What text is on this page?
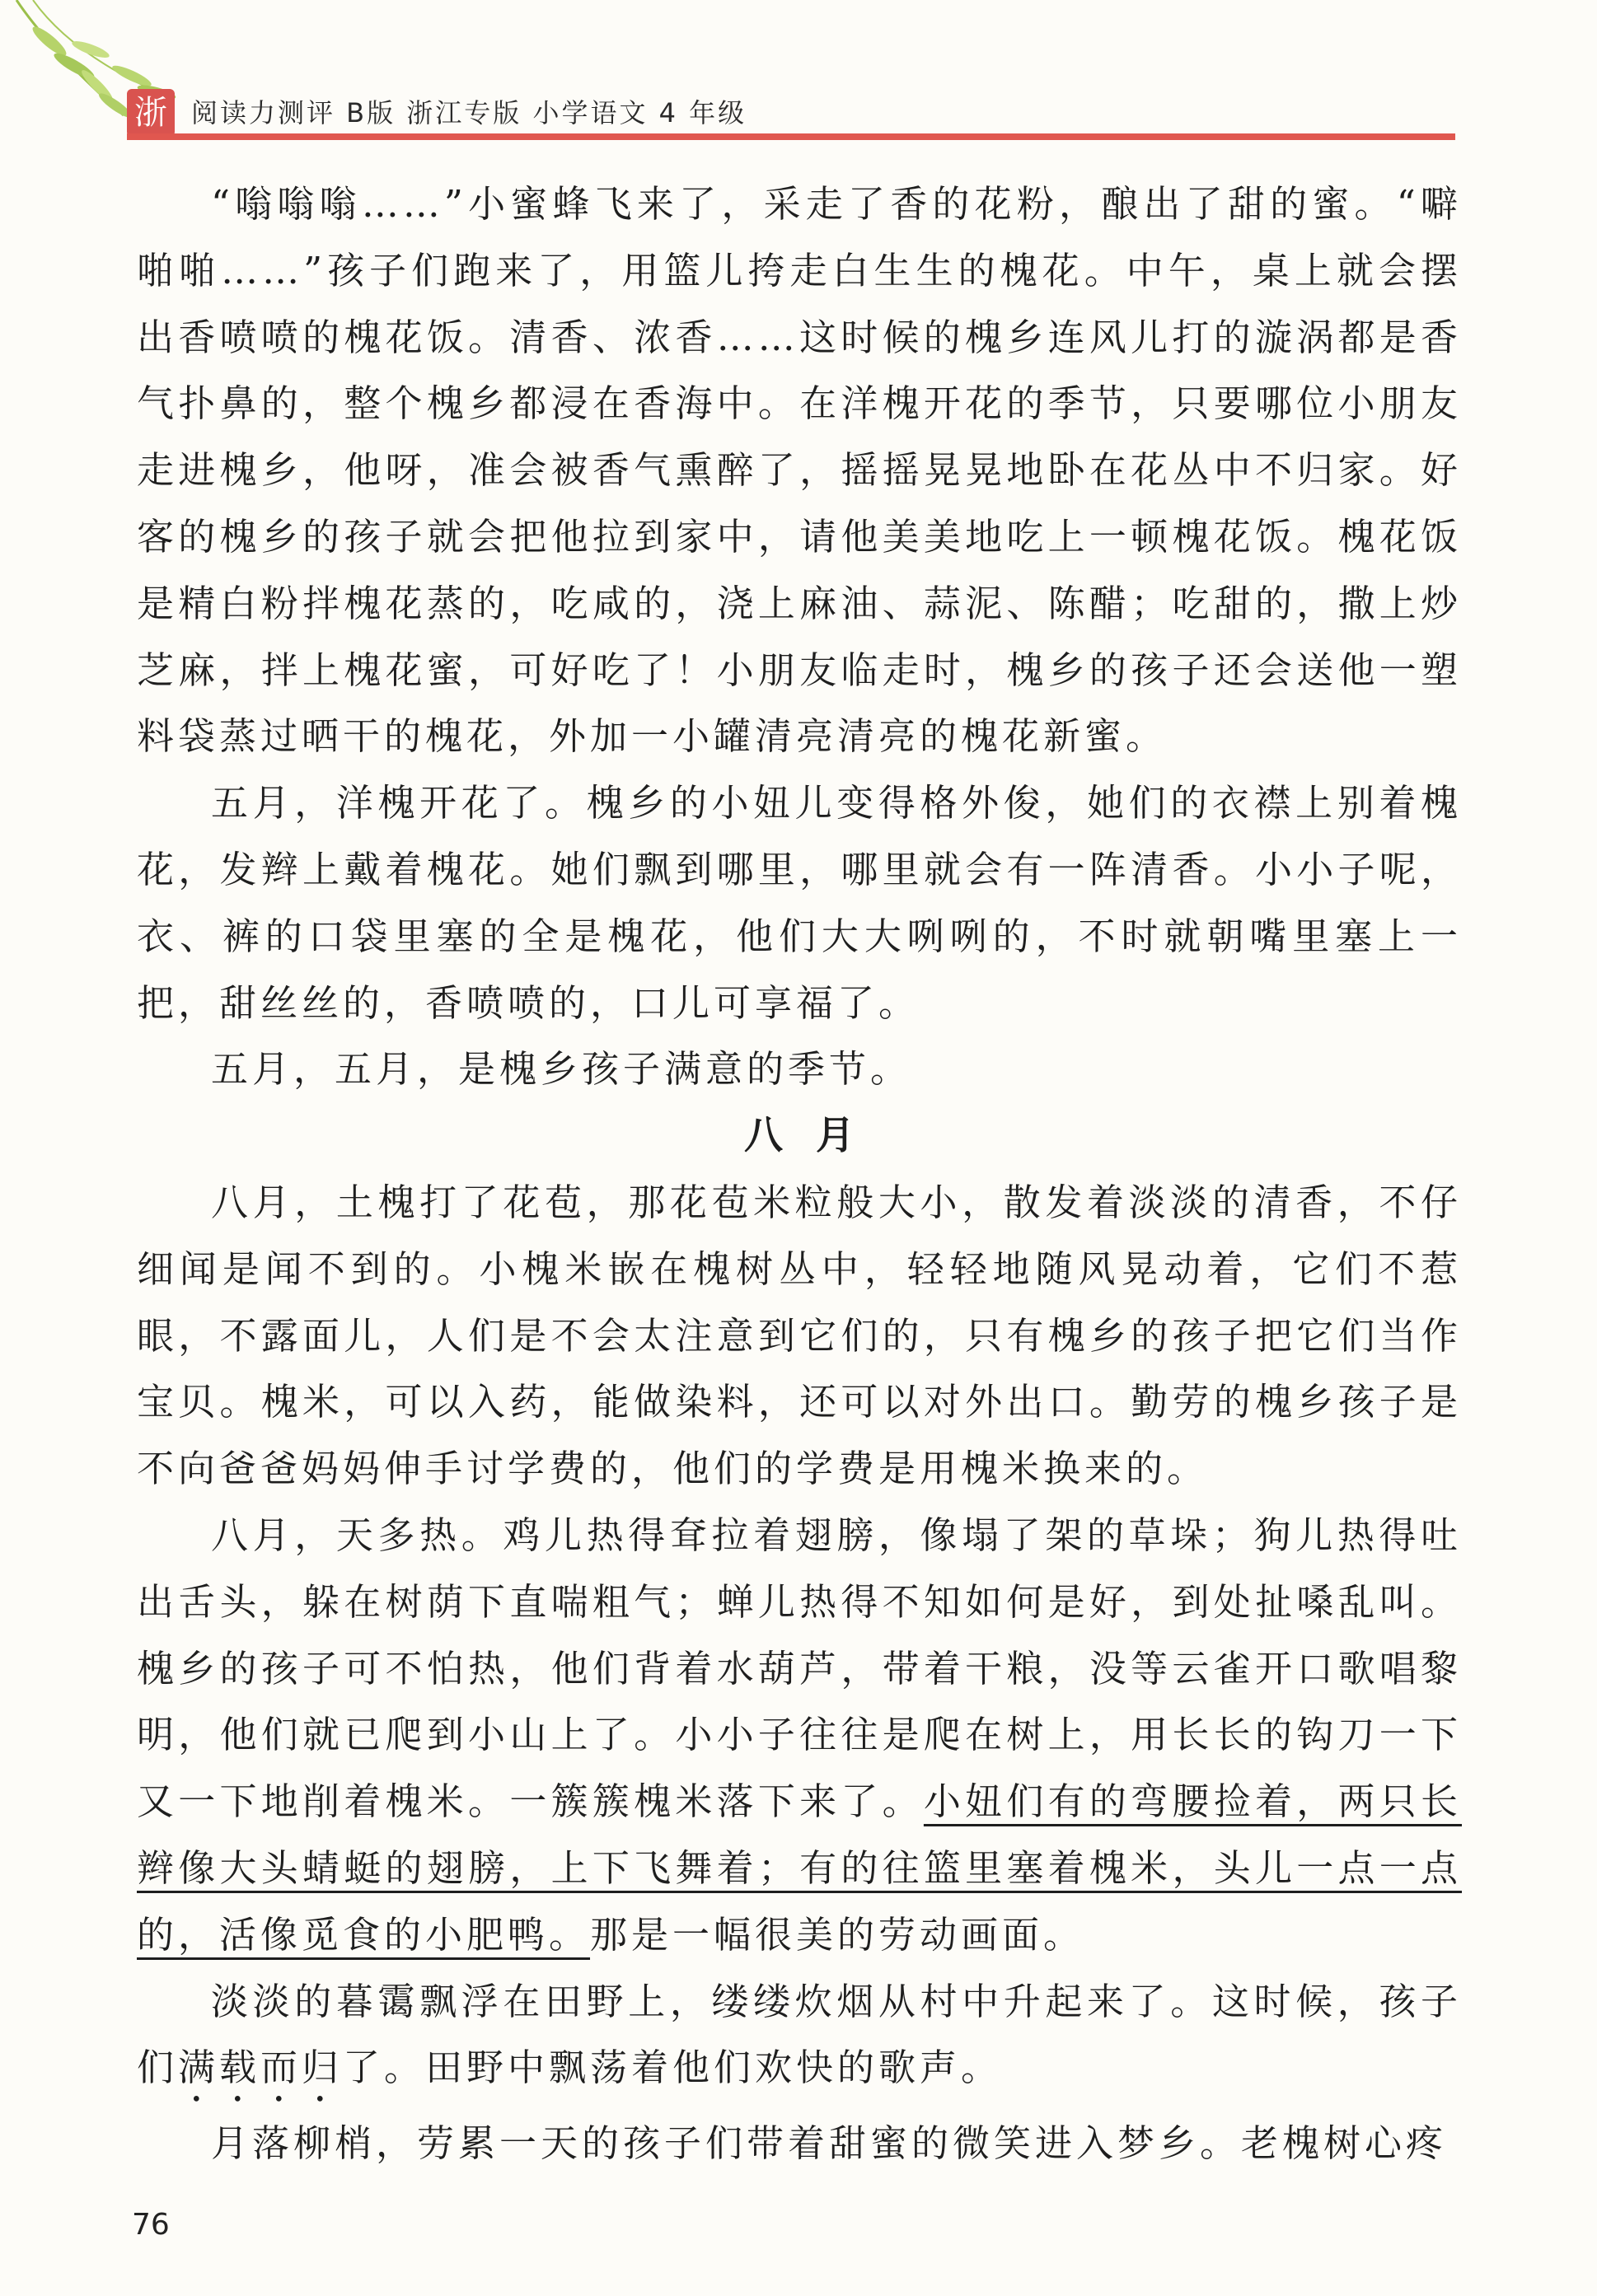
浙 阅读力测评 B版 浙江专版 小学语文 4 年级

“嗡嗡嗡……”小蜜蜂飞来了，采走了香的花粉，酿出了甜的蜜。“噼啪啪……”孩子们跑来了，用篮儿挎走白生生的槐花。中午，桌上就会摆出香喷喷的槐花饭。清香、浓香……这时候的槐乡连风儿打的漩涡都是香气扑鼻的，整个槐乡都浸在香海中。在洋槐开花的季节，只要哪位小朋友走进槐乡，他呀，准会被香气熏醉了，摇摇晃晃地卧在花丛中不归家。好客的槐乡的孩子就会把他拉到家中，请他美美地吃上一顿槐花饭。槐花饭是精白粉拌槐花蒸的，吃咸的，浇上麻油、蒜泥、陈醋；吃甜的，撒上炒芝麻，拌上槐花蜜，可好吃了！小朋友临走时，槐乡的孩子还会送他一塑料袋蒸过晒干的槐花，外加一小罐清亮清亮的槐花新蜜。

五月，洋槐开花了。槐乡的小妞儿变得格外俊，她们的衣襟上别着槐花，发辫上戴着槐花。她们飘到哪里，哪里就会有一阵清香。小小子呢，衣、裤的口袋里塞的全是槐花，他们大大咧咧的，不时就朝嘴里塞上一把，甜丝丝的，香喷喷的，口儿可享福了。

五月，五月，是槐乡孩子满意的季节。

八月

八月，土槐打了花苞，那花苞米粒般大小，散发着淡淡的清香，不仔细闻是闻不到的。小槐米嵌在槐树丛中，轻轻地随风晃动着，它们不惹眼，不露面儿，人们是不会太注意到它们的，只有槐乡的孩子把它们当作宝贝。槐米，可以入药，能做染料，还可以对外出口。勤劳的槐乡孩子是不向爸爸妈妈伸手讨学费的，他们的学费是用槐米换来的。

八月，天多热。鸡儿热得耷拉着翅膀，像塌了架的草垛；狗儿热得吐出舌头，躲在树荫下直喘粗气；蝉儿热得不知如何是好，到处扯嗓乱叫。槐乡的孩子可不怕热，他们背着水葫芦，带着干粮，没等云雀开口歌唱黎明，他们就已爬到小山上了。小小子往往是爬在树上，用长长的钩刀一下又一下地削着槐米。一簇簇槐米落下来了。小妞们有的弯腰捡着，两只长辫像大头蜻蜓的翅膀，上下飞舞着；有的往篮里塞着槐米，头儿一点一点的，活像觅食的小肥鸭。那是一幅很美的劳动画面。

淡淡的暮霭飘浮在田野上，缕缕炊烟从村中升起来了。这时候，孩子们满载而归了。田野中飘荡着他们欢快的歌声。

月落柳梢，劳累一天的孩子们带着甜蜜的微笑进入梦乡。老槐树心疼

76
